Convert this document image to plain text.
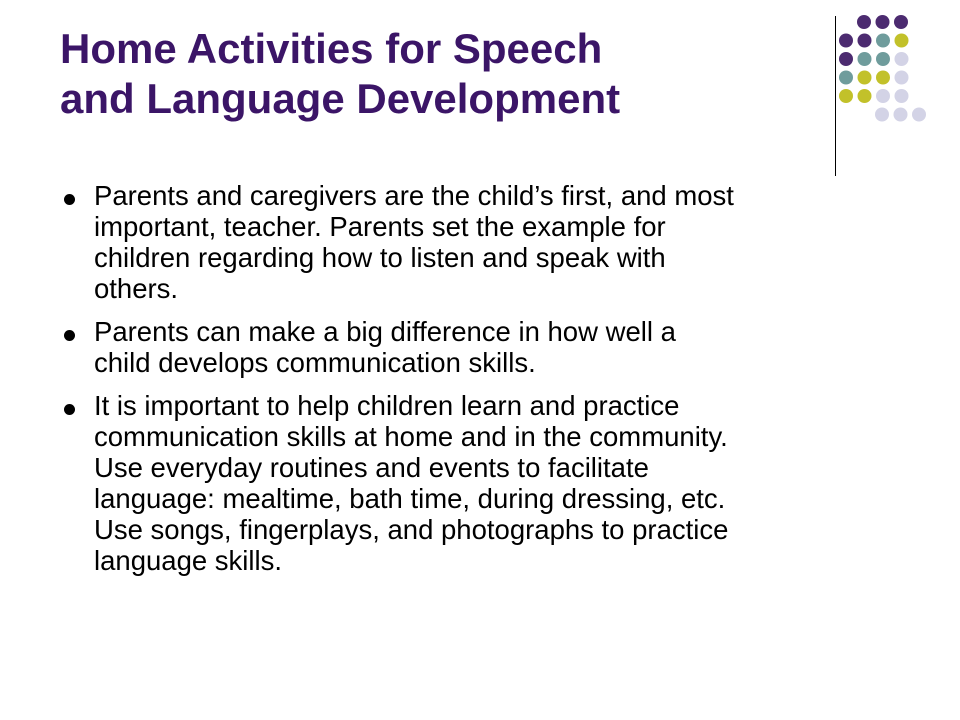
Home Activities for Speech
and Language Development
Parents and caregivers are the child’s first, and most
important, teacher. Parents set the example for
children regarding how to listen and speak with
others.
Parents can make a big difference in how well a
child develops communication skills.
It is important to help children learn and practice
communication skills at home and in the community.
Use everyday routines and events to facilitate
language: mealtime, bath time, during dressing, etc.
Use songs, fingerplays, and photographs to practice
language skills.
